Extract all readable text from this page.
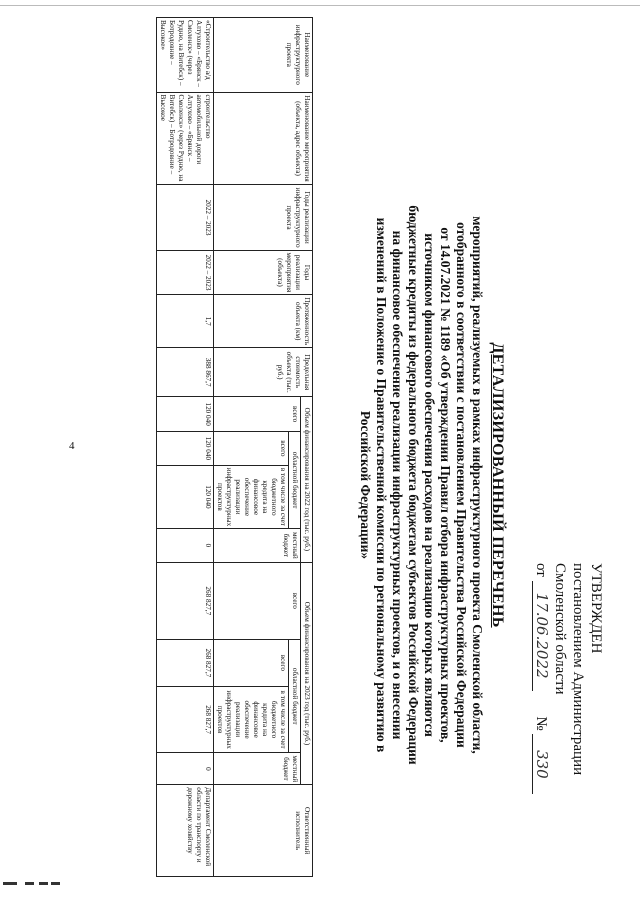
4
УТВЕРЖДЕН
постановлением Администрации
Смоленской области
от 17.06.2022 № 330
ДЕТАЛИЗИРОВАННЫЙ ПЕРЕЧЕНЬ
мероприятий, реализуемых в рамках инфраструктурного проекта Смоленской области,
отобранного в соответствии с постановлением Правительства Российской Федерации
от 14.07.2021 № 1189 «Об утверждении Правил отбора инфраструктурных проектов,
источником финансового обеспечения расходов на реализацию которых являются
бюджетные кредиты из федерального бюджета бюджетам субъектов Российской Федерации
на финансовое обеспечение реализации инфраструктурных проектов, и о внесении
изменений в Положение о Правительственной комиссии по региональному развитию в
Российской Федерации»
Наименование инфраструктурного проекта	Наименование мероприятия (объекта, адрес объекта)	Годы реализации инфраструктурного проекта	Годы реализации мероприятия (объекта)	Протяженность объекта (км)	Предельная стоимость объекта (тыс. руб.)	Объем финансирования на 2022 год (тыс. руб.)				Объем финансирования на 2023 год (тыс. руб.)				Ответственный исполнитель
						всего	областной бюджет		местный бюджет	всего	областной бюджет		местный бюджет	
							всего	в том числе за счет бюджетного кредита на финансовое обеспечение реализации инфраструктурных проектов			всего	в том числе за счет бюджетного кредита на финансовое обеспечение реализации инфраструктурных проектов		
«Строительство а/д Алтухово – «Брянск – Смоленск» (через Рудню, на Витебск) – Ботродовние – Высокое»	строительство автомобильной дороги Алтухово – «Брянск – Смоленск» (через Рудню, на Витебск) – Ботродовние – Высокое	2022 – 2023	2022 – 2023	1,7	388 867,7	120 040	120 040	120 040	0	268 827,7	268 827,7	268 827,7	0	Департамент Смоленской области по транспорту и дорожному хозяйству
